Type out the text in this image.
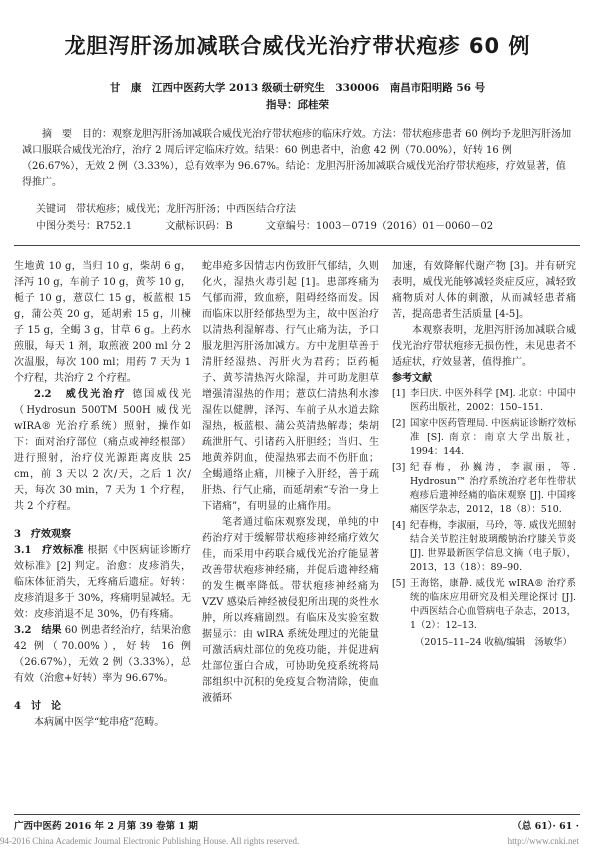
龙胆泻肝汤加减联合威伐光治疗带状疱疹 60 例
甘　康　江西中医药大学 2013 级硕士研究生　330006　南昌市阳明路 56 号
指导：邱桂荣
摘　要　目的：观察龙胆泻肝汤加减联合威伐光治疗带状疱疹的临床疗效。方法：带状疱疹患者 60 例均予龙胆泻肝汤加减口服联合威伐光治疗，治疗 2 周后评定临床疗效。结果：60 例患者中，治愈 42 例（70.00%），好转 16 例（26.67%），无效 2 例（3.33%），总有效率为 96.67%。结论：龙胆泻肝汤加减联合威伐光治疗带状疱疹，疗效显著，值得推广。
关键词　带状疱疹；威伐光；龙肝泻肝汤；中西医结合疗法
中图分类号：R752.1	文献标识码：B	文章编号：1003－0719（2016）01－0060－02

生地黄 10 g，当归 10 g，柴胡 6 g，泽泻 10 g，车前子 10 g，黄芩 10 g，栀子 10 g，薏苡仁 15 g，板蓝根 15 g，蒲公英 20 g，延胡索 15 g，川楝子 15 g，全蝎 3 g，甘草 6 g。上药水煎服，每天 1 剂，取煎液 200 ml 分 2 次温服，每次 100 ml；用药 7 天为 1 个疗程，共治疗 2 个疗程。

2.2　威伐光治疗 德国威伐光（Hydrosun 500TM 500H 威伐光 wIRA® 光治疗系统）照射，操作如下：面对治疗部位（痛点或神经根部）进行照射，治疗仪光源距离皮肤 25 cm，前 3 天以 2 次/天，之后 1 次/天，每次 30 min，7 天为 1 个疗程，共 2 个疗程。

3　疗效观察

3.1　疗效标准 根据《中医病证诊断疗效标准》[2] 判定。治愈：皮疹消失，临床体征消失，无疼痛后遗症。好转：皮疹消退多于 30%，疼痛明显减轻。无效：皮疹消退不足 30%，仍有疼痛。

3.2　结果 60 例患者经治疗，结果治愈 42 例（70.00%），好转 16 例（26.67%），无效 2 例（3.33%），总有效（治愈+好转）率为 96.67%。

4　讨　论

本病属中医学“蛇串疮”范畴。

蛇串疮多因情志内伤致肝气郁结，久则化火，湿热火毒引起 [1]。患部疼痛为气郁而滞，致血瘀，阻碍经络而发。因而临床以肝经郁热型为主，故中医治疗以清热利湿解毒、行气止痛为法，予口服龙胆泻肝汤加减方。方中龙胆草善于清肝经湿热、泻肝火为君药；臣药栀子、黄芩清热泻火除湿，并可助龙胆草增强清湿热的作用；薏苡仁清热利水渗湿佐以健脾，泽泻、车前子从水道去除湿热，板蓝根、蒲公英清热解毒；柴胡疏泄肝气、引诸药入肝胆经；当归、生地黄养阴血，使湿热邪去而不伤肝血；全蝎通络止痛，川楝子入肝经，善于疏肝热、行气止痛，而延胡索“专治一身上下诸痛”，有明显的止痛作用。

笔者通过临床观察发现，单纯的中药治疗对于缓解带状疱疹神经痛疗效欠佳，而采用中药联合威伐光治疗能显著改善带状疱疹神经痛，并促后遗神经痛的发生概率降低。带状疱疹神经痛为 VZV 感染后神经被侵犯所出现的炎性水肿，所以疼痛剧烈。有临床及实验室数据显示：由 wIRA 系统处理过的光能量可激活病灶部位的免疫功能，并促进病灶部位蛋白合成，可协助免疫系统将局部组织中沉积的免疫复合物清除，使血液循环

加速，有效降解代谢产物 [3]。并有研究表明，威伐光能够减轻炎症反应，减轻致痛物质对人体的刺激，从而减轻患者痛苦，提高患者生活质量 [4-5]。

本观察表明，龙胆泻肝汤加减联合威伐光治疗带状疱疹无损伤性，未见患者不适症状，疗效显著，值得推广。

参考文献

[1] 李曰庆. 中医外科学 [M]. 北京：中国中医药出版社，2002：150–151.
[2] 国家中医药管理局. 中医病证诊断疗效标准 [S]. 南京：南京大学出版社，1994：144.
[3] 纪春梅，孙巍涛，李淑丽，等. Hydrosun™ 治疗系统治疗老年性带状疱疹后遗神经痛的临床观察 [J]. 中国疼痛医学杂志，2012，18（8）：510.
[4] 纪春梅，李淑丽，马玲，等. 威伐光照射结合关节腔注射玻璃酸钠治疗膝关节炎 [J]. 世界最新医学信息文摘（电子版），2013，13（18）：89–90.
[5] 王海铭，康静. 威伐光 wIRA® 治疗系统的临床应用研究及相关理论探讨 [J]. 中西医结合心血管病电子杂志，2013，1（2）：12–13.

（2015–11–24 收稿/编辑　汤敏华）

广西中医药 2016 年 2 月第 39 卷第 1 期	（总 61）· 61 ·
94-2016 China Academic Journal Electronic Publishing House. All rights reserved.	http://www.cnki.net
